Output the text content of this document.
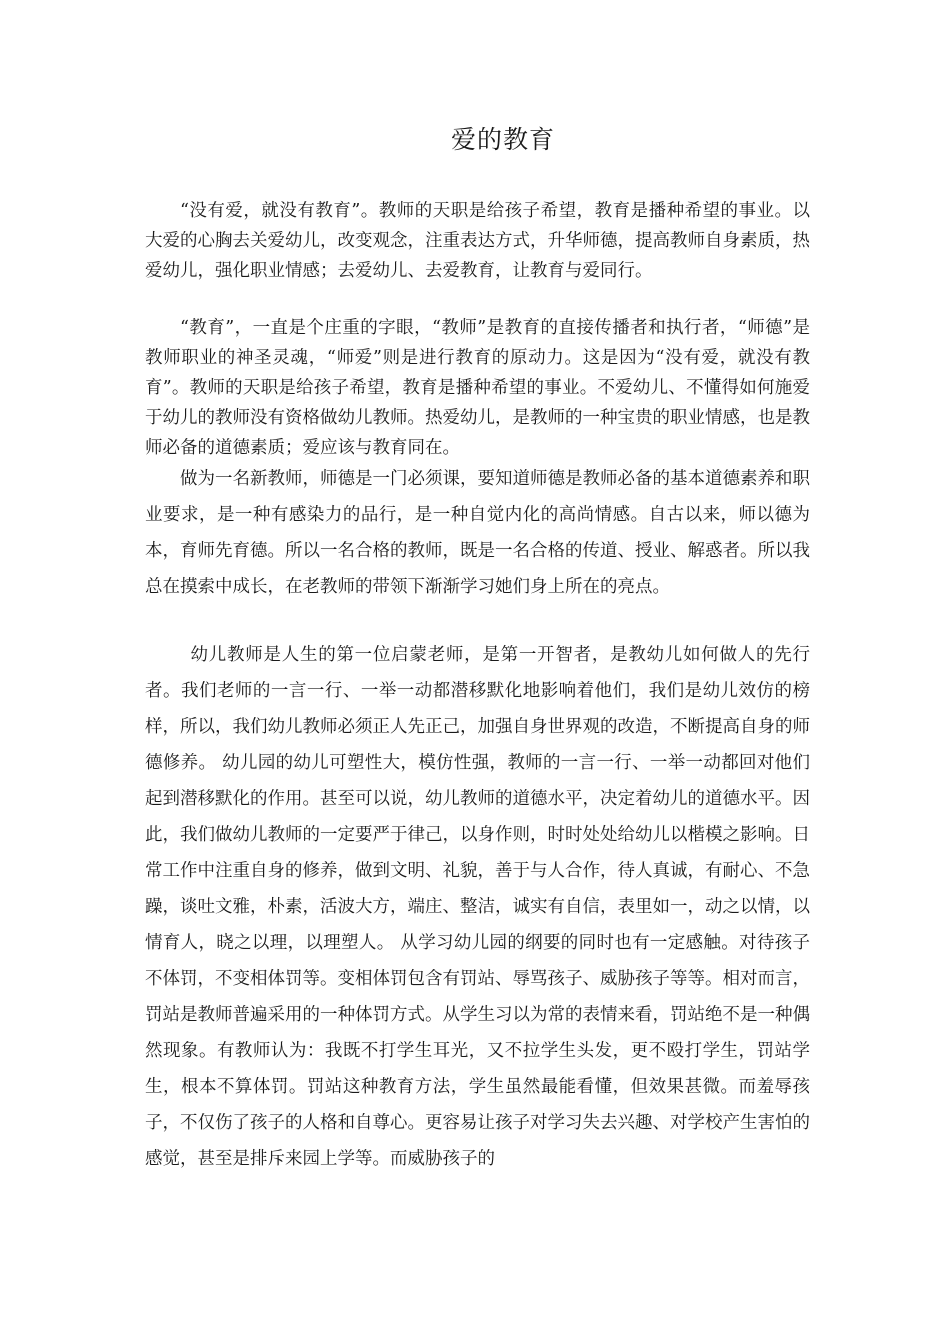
爱的教育

“没有爱，就没有教育”。教师的天职是给孩子希望，教育是播种希望的事业。以大爱的心胸去关爱幼儿，改变观念，注重表达方式，升华师德，提高教师自身素质，热爱幼儿，强化职业情感；去爱幼儿、去爱教育，让教育与爱同行。

“教育”，一直是个庄重的字眼，“教师”是教育的直接传播者和执行者，“师德”是教师职业的神圣灵魂，“师爱”则是进行教育的原动力。这是因为“没有爱，就没有教育”。教师的天职是给孩子希望，教育是播种希望的事业。不爱幼儿、不懂得如何施爱于幼儿的教师没有资格做幼儿教师。热爱幼儿，是教师的一种宝贵的职业情感，也是教师必备的道德素质；爱应该与教育同在。

做为一名新教师，师德是一门必须课，要知道师德是教师必备的基本道德素养和职业要求，是一种有感染力的品行，是一种自觉内化的高尚情感。自古以来，师以德为本，育师先育德。所以一名合格的教师，既是一名合格的传道、授业、解惑者。所以我总在摸索中成长，在老教师的带领下渐渐学习她们身上所在的亮点。

幼儿教师是人生的第一位启蒙老师，是第一开智者，是教幼儿如何做人的先行者。我们老师的一言一行、一举一动都潜移默化地影响着他们，我们是幼儿效仿的榜样，所以，我们幼儿教师必须正人先正己，加强自身世界观的改造，不断提高自身的师德修养。 幼儿园的幼儿可塑性大，模仿性强，教师的一言一行、一举一动都回对他们起到潜移默化的作用。甚至可以说，幼儿教师的道德水平，决定着幼儿的道德水平。因此，我们做幼儿教师的一定要严于律己，以身作则，时时处处给幼儿以楷模之影响。日常工作中注重自身的修养，做到文明、礼貌，善于与人合作，待人真诚，有耐心、不急躁，谈吐文雅，朴素，活波大方，端庄、整洁，诚实有自信，表里如一，动之以情，以情育人，晓之以理，以理塑人。 从学习幼儿园的纲要的同时也有一定感触。对待孩子不体罚，不变相体罚等。变相体罚包含有罚站、辱骂孩子、威胁孩子等等。相对而言，罚站是教师普遍采用的一种体罚方式。从学生习以为常的表情来看，罚站绝不是一种偶然现象。有教师认为：我既不打学生耳光，又不拉学生头发，更不殴打学生，罚站学生，根本不算体罚。罚站这种教育方法，学生虽然最能看懂，但效果甚微。而羞辱孩子，不仅伤了孩子的人格和自尊心。更容易让孩子对学习失去兴趣、对学校产生害怕的感觉，甚至是排斥来园上学等。而威胁孩子的
